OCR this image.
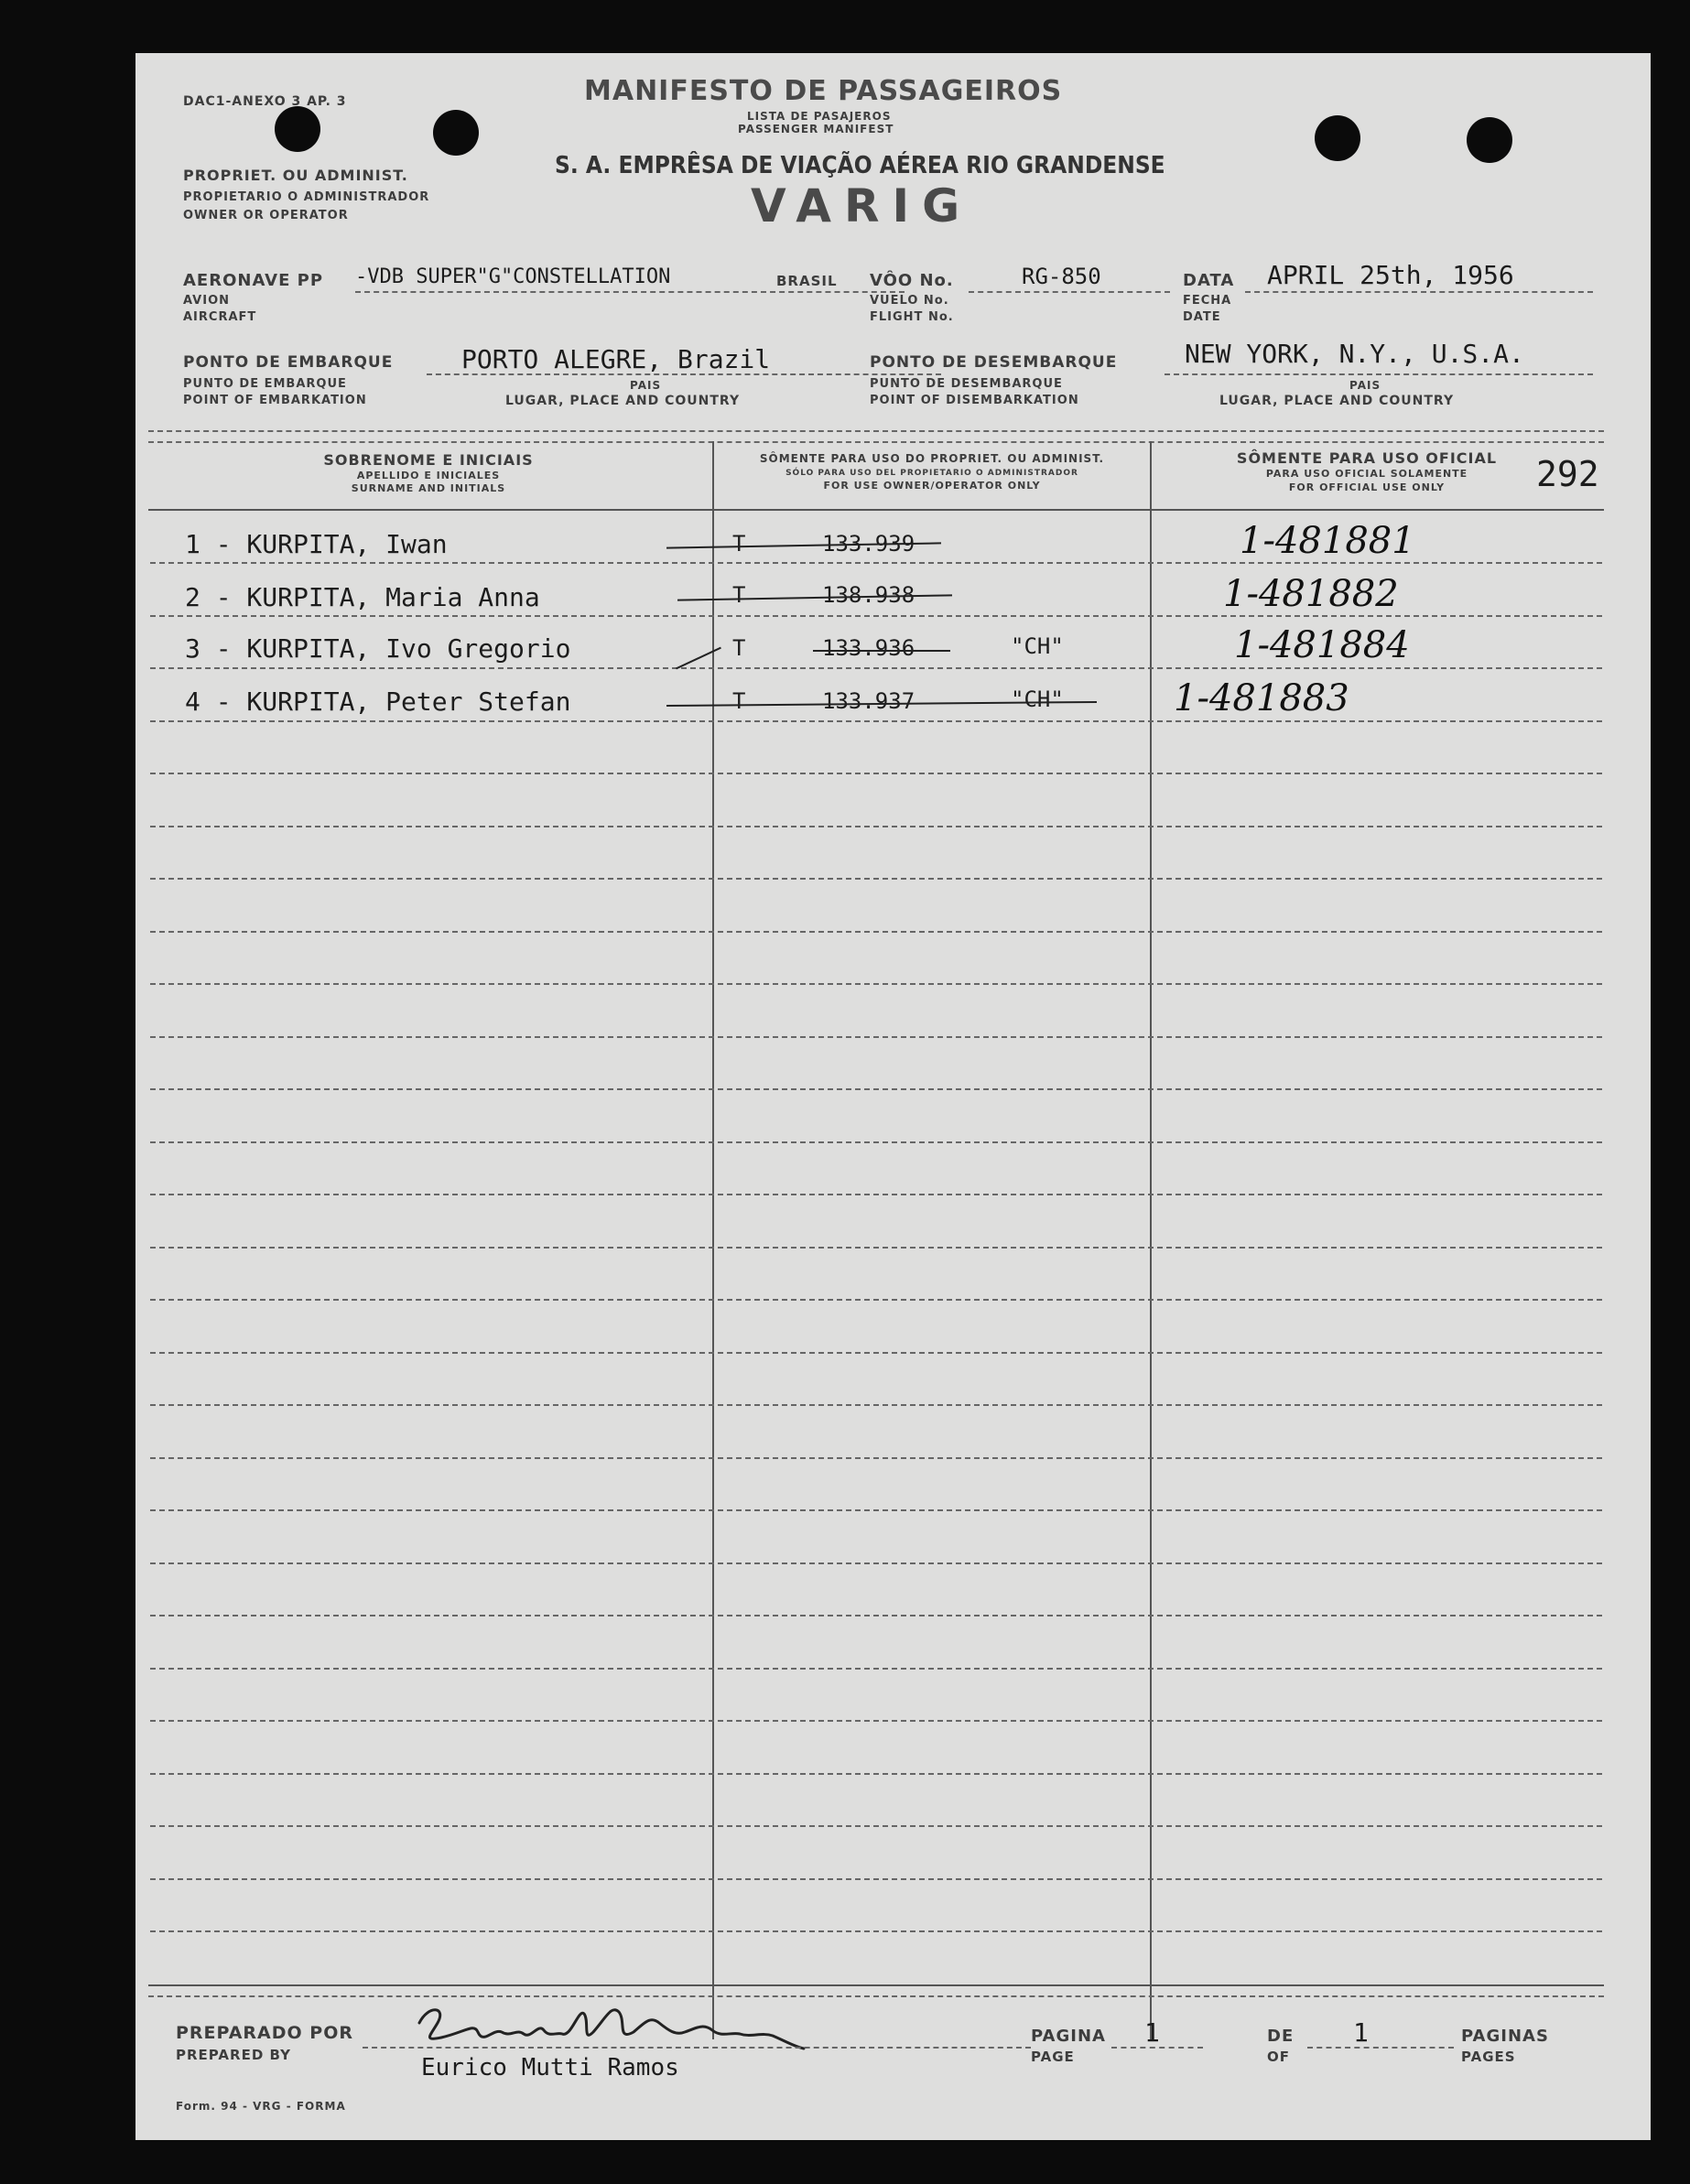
DAC1-ANEXO 3 AP. 3
PROPRIET. OU ADMINIST.
PROPIETARIO O ADMINISTRADOR
OWNER OR OPERATOR
MANIFESTO DE PASSAGEIROS
LISTA DE PASAJEROS
PASSENGER MANIFEST
S. A. EMPRÊSA DE VIAÇÃO AÉREA RIO GRANDENSE
VARIG
AERONAVE PP
AVION
AIRCRAFT
-VDB SUPER"G"CONSTELLATION	BRASIL VÔO No.
VUELO No.
FLIGHT No.
RG-850	DATA
FECHA
DATE
APRIL 25th, 1956
PONTO DE EMBARQUE
PUNTO DE EMBARQUE
POINT OF EMBARKATION
PORTO ALEGRE, Brazil
PAIS
LUGAR, PLACE AND COUNTRY
PONTO DE DESEMBARQUE
PUNTO DE DESEMBARQUE
POINT OF DISEMBARKATION
NEW YORK, N.Y., U.S.A.
PAIS
LUGAR, PLACE AND COUNTRY
SOBRENOME E INICIAIS
APELLIDO E INICIALES
SURNAME AND INITIALS
SÔMENTE PARA USO DO PROPRIET. OU ADMINIST.
SÓLO PARA USO DEL PROPIETARIO O ADMINISTRADOR
FOR USE OWNER/OPERATOR ONLY
SÔMENTE PARA USO OFICIAL
PARA USO OFICIAL SOLAMENTE
FOR OFFICIAL USE ONLY	292
1 - KURPITA, Iwan	T	133.939	1-481881
2 - KURPITA, Maria Anna	T	138.938	1-481882
3 - KURPITA, Ivo Gregorio	T	133.936	"CH"	1-481884
4 - KURPITA, Peter Stefan	T	133.937	"CH"	1-481883
PREPARADO POR
PREPARED BY	Eurico Mutti Ramos
PAGINA
PAGE
1	DE
OF
1	PAGINAS
PAGES
Form. 94 - VRG - FORMA
